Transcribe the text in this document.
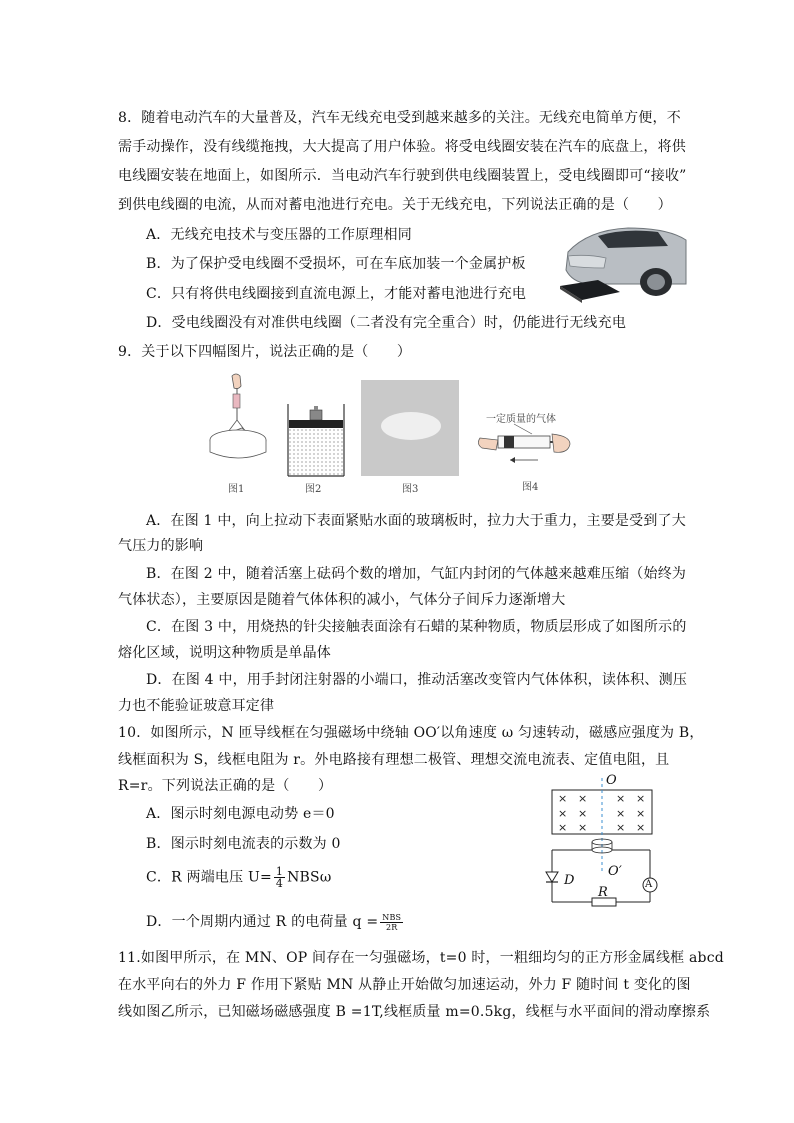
8．随着电动汽车的大量普及，汽车无线充电受到越来越多的关注。无线充电简单方便，不
需手动操作，没有线缆拖拽，大大提高了用户体验。将受电线圈安装在汽车的底盘上，将供
电线圈安装在地面上，如图所示．当电动汽车行驶到供电线圈装置上，受电线圈即可“接收”
到供电线圈的电流，从而对蓄电池进行充电。关于无线充电，下列说法正确的是（　　）
A．无线充电技术与变压器的工作原理相同
B．为了保护受电线圈不受损坏，可在车底加装一个金属护板
C．只有将供电线圈接到直流电源上，才能对蓄电池进行充电
D．受电线圈没有对准供电线圈（二者没有完全重合）时，仍能进行无线充电
9．关于以下四幅图片，说法正确的是（　　）
图1	图2	图3
一定质量的气体
图4
A．在图 1 中，向上拉动下表面紧贴水面的玻璃板时，拉力大于重力，主要是受到了大
气压力的影响
B．在图 2 中，随着活塞上砝码个数的增加，气缸内封闭的气体越来越难压缩（始终为
气体状态），主要原因是随着气体体积的减小，气体分子间斥力逐渐增大
C．在图 3 中，用烧热的针尖接触表面涂有石蜡的某种物质，物质层形成了如图所示的
熔化区域，说明这种物质是单晶体
D．在图 4 中，用手封闭注射器的小端口，推动活塞改变管内气体体积，读体积、测压
力也不能验证玻意耳定律
10．如图所示，N 匝导线框在匀强磁场中绕轴 OO′以角速度 ω 匀速转动，磁感应强度为 B，
线框面积为 S，线框电阻为 r。外电路接有理想二极管、理想交流电流表、定值电阻，且
R=r。下列说法正确的是（　　）
A．图示时刻电源电动势 e＝0
B．图示时刻电流表的示数为 0
C．R 两端电压 $U= \frac{1}{4}$ NBSω
D．一个周期内通过 R 的电荷量 $q = \frac{\text{NBS}}{2R}$
× ×	× ×
× ×	× ×
× ×	× ×
O
O′
D
R
A
11.如图甲所示，在 MN、OP 间存在一匀强磁场，t=0 时，一粗细均匀的正方形金属线框 abcd
在水平向右的外力 F 作用下紧贴 MN 从静止开始做匀加速运动，外力 F 随时间 t 变化的图
线如图乙所示，已知磁场磁感强度 B =1T,线框质量 m=0.5kg，线框与水平面间的滑动摩擦系
